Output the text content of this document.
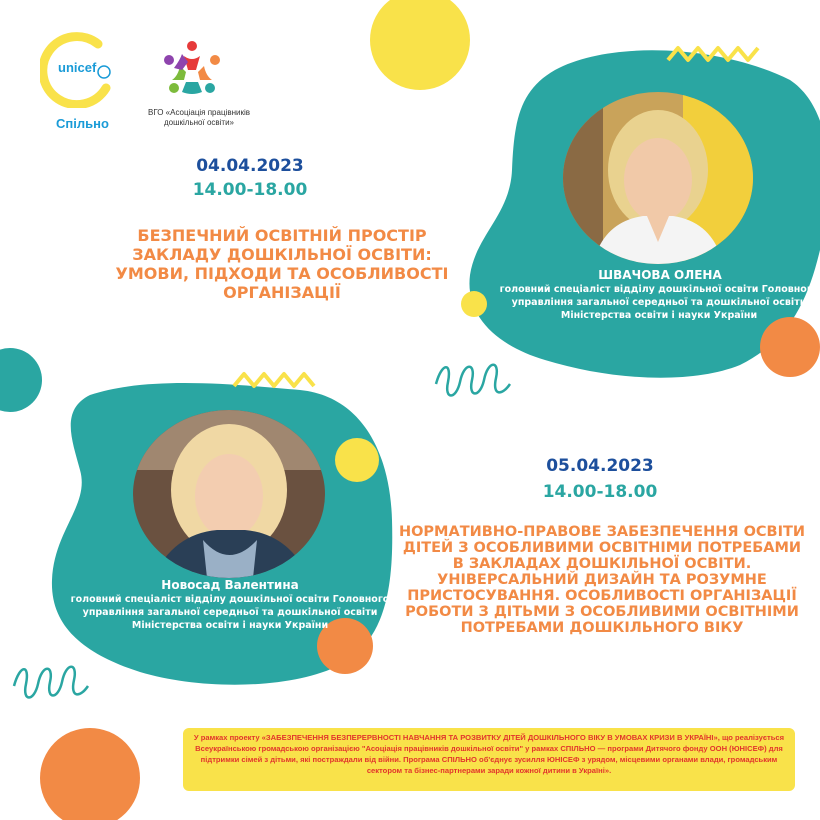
unicef
Спільно
ВГО «Асоціація працівників дошкільної освіти»
04.04.2023
14.00-18.00
БЕЗПЕЧНИЙ ОСВІТНІЙ ПРОСТІР ЗАКЛАДУ ДОШКІЛЬНОЇ ОСВІТИ: УМОВИ, ПІДХОДИ ТА ОСОБЛИВОСТІ ОРГАНІЗАЦІЇ
ШВАЧОВА ОЛЕНА
головний спеціаліст відділу дошкільної освіти Головного управління загальної середньої та дошкільної освіти Міністерства освіти і науки України
Новосад Валентина
головний спеціаліст відділу дошкільної освіти Головного управління загальної середньої та дошкільної освіти Міністерства освіти і науки України
05.04.2023
14.00-18.00
НОРМАТИВНО-ПРАВОВЕ ЗАБЕЗПЕЧЕННЯ ОСВІТИ ДІТЕЙ З ОСОБЛИВИМИ ОСВІТНІМИ ПОТРЕБАМИ В ЗАКЛАДАХ ДОШКІЛЬНОЇ ОСВІТИ. УНІВЕРСАЛЬНИЙ ДИЗАЙН ТА РОЗУМНЕ ПРИСТОСУВАННЯ. ОСОБЛИВОСТІ ОРГАНІЗАЦІЇ РОБОТИ З ДІТЬМИ З ОСОБЛИВИМИ ОСВІТНІМИ ПОТРЕБАМИ ДОШКІЛЬНОГО ВІКУ
У рамках проекту «ЗАБЕЗПЕЧЕННЯ БЕЗПЕРЕРВНОСТІ НАВЧАННЯ ТА РОЗВИТКУ ДІТЕЙ ДОШКІЛЬНОГО ВІКУ В УМОВАХ КРИЗИ В УКРАЇНІ», що реалізується Всеукраїнською громадською організацією "Асоціація працівників дошкільної освіти" у рамках СПІЛЬНО — програми Дитячого фонду ООН (ЮНІСЕФ) для підтримки сімей з дітьми, які постраждали від війни. Програма СПІЛЬНО об'єднує зусилля ЮНІСЕФ з урядом, місцевими органами влади, громадським сектором та бізнес-партнерами заради кожної дитини в Україні».
